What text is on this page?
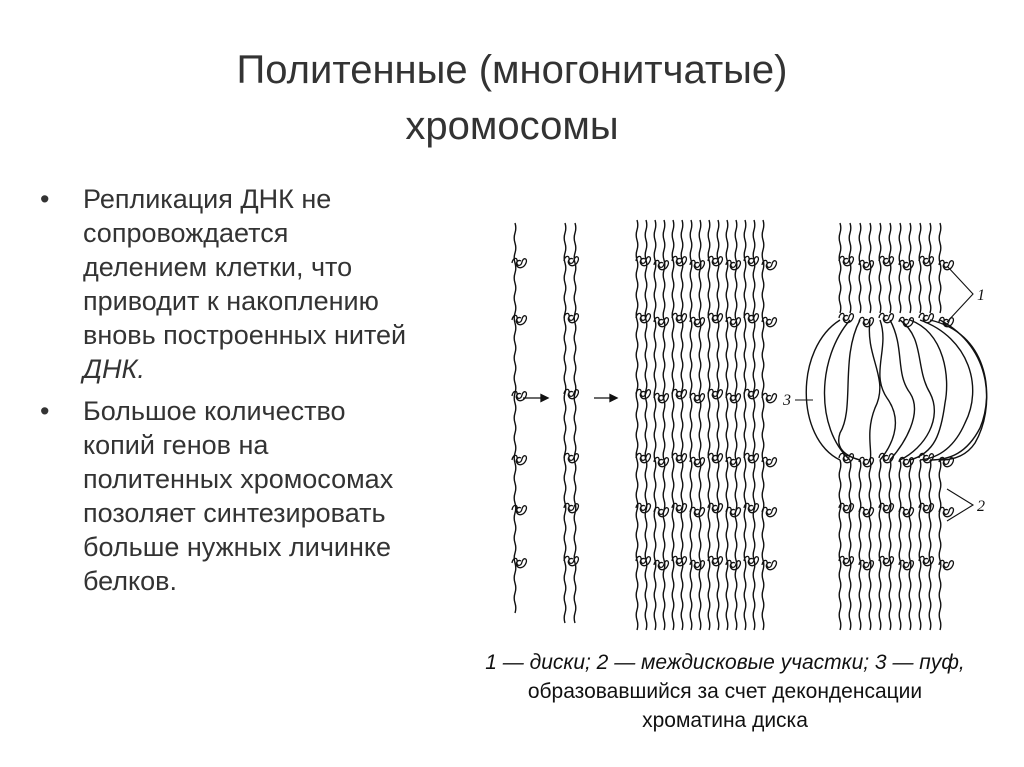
Политенные (многонитчатые)
хромосомы
• Репликация ДНК не
сопровождается
делением клетки, что
приводит к накоплению
вновь построенных нитей
ДНК.
• Большое количество
копий генов на
политенных хромосомах
позоляет синтезировать
больше нужных личинке
белков.
1
2
3
1 — диски; 2 — междисковые участки; 3 — пуф,
образовавшийся за счет деконденсации
хроматина диска
